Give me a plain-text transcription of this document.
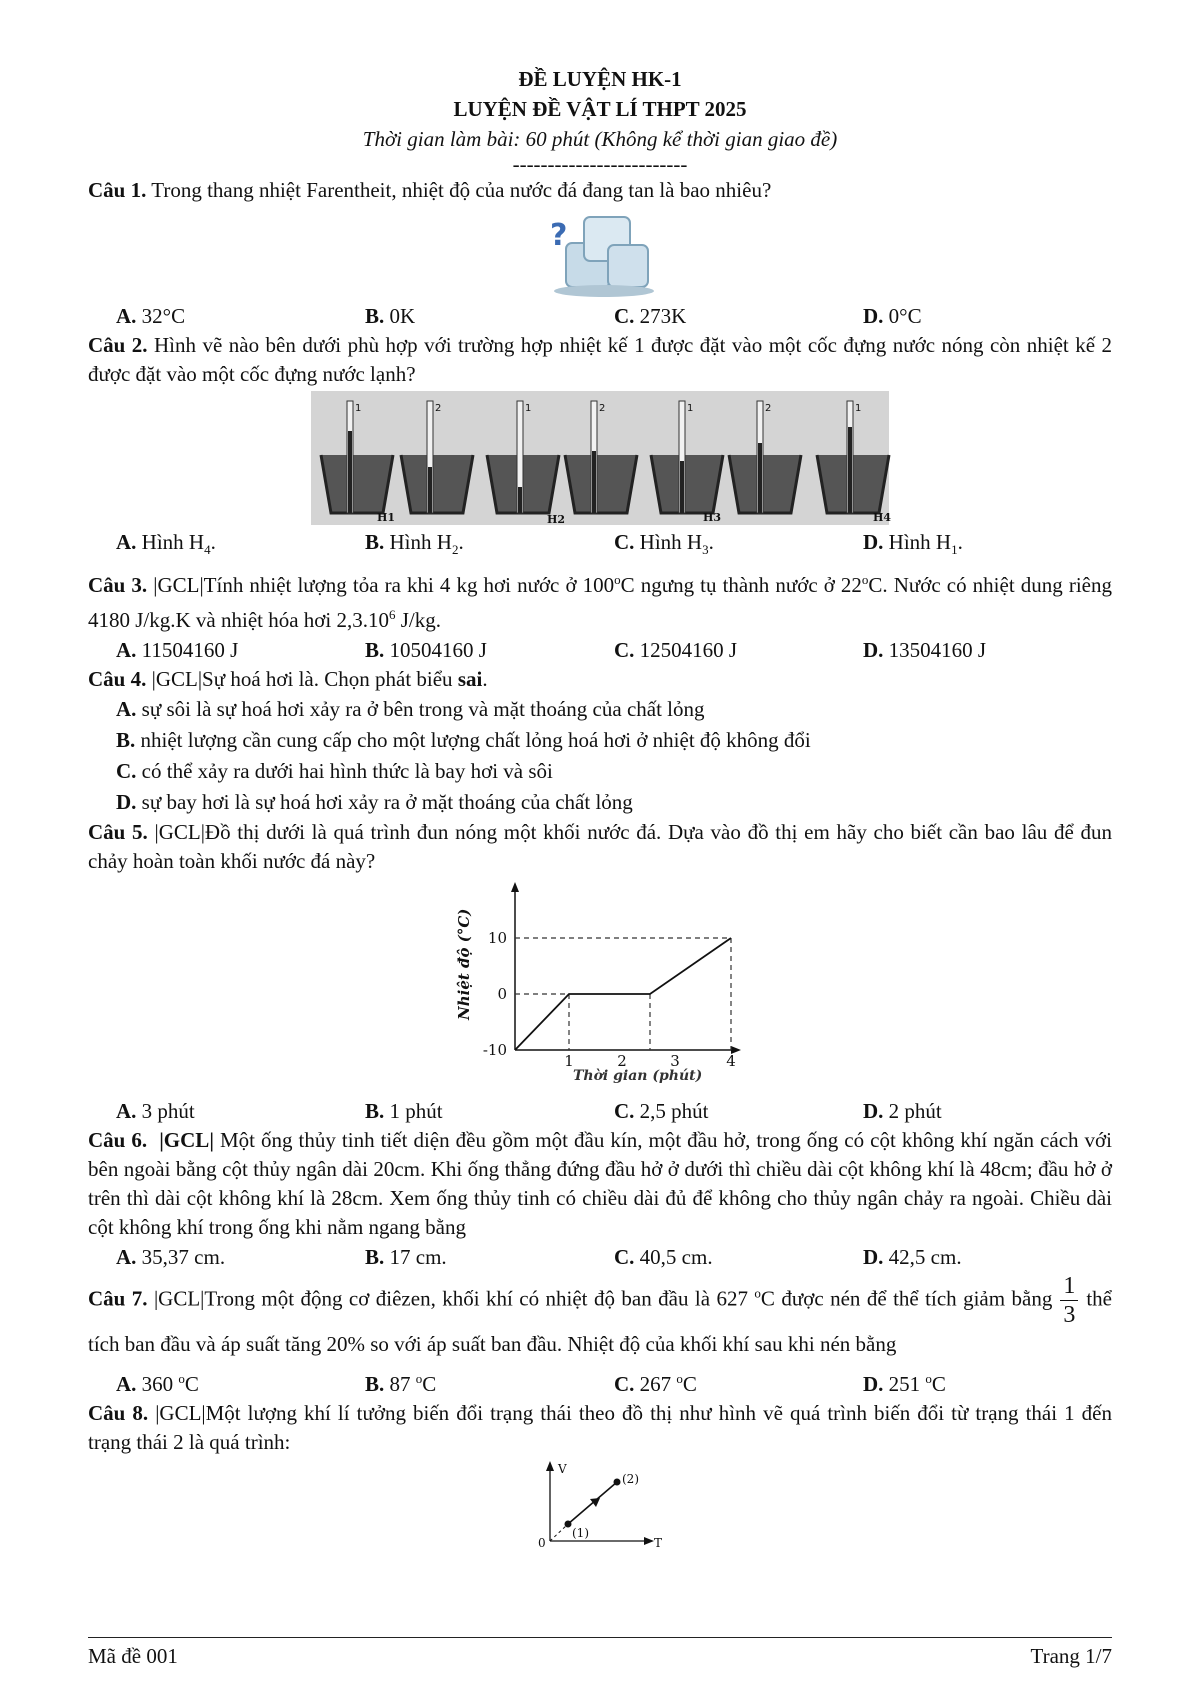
ĐỀ LUYỆN HK-1
LUYỆN ĐỀ VẬT LÍ THPT 2025
Thời gian làm bài: 60 phút (Không kể thời gian giao đề)
-------------------------
Câu 1. Trong thang nhiệt Farentheit, nhiệt độ của nước đá đang tan là bao nhiêu?
?
A. 32°C	B. 0K	C. 273K	D. 0°C
Câu 2. Hình vẽ nào bên dưới phù hợp với trường hợp nhiệt kế 1 được đặt vào một cốc đựng nước nóng còn nhiệt kế 2 được đặt vào một cốc đựng nước lạnh?
1	2	1	2	1	2	1
H1	H2	H3	H4
A. Hình $H_4$.	B. Hình $H_2$.	C. Hình $H_3$.	D. Hình $H_1$.
Câu 3. |GCL|Tính nhiệt lượng tỏa ra khi 4 kg hơi nước ở 100$^o$C ngưng tụ thành nước ở 22$^o$C. Nước có nhiệt dung riêng 4180 J/kg.K và nhiệt hóa hơi 2,3.10$^6$ J/kg.
A. 11504160 J	B. 10504160 J	C. 12504160 J	D. 13504160 J
Câu 4. |GCL|Sự hoá hơi là. Chọn phát biểu sai.
A. sự sôi là sự hoá hơi xảy ra ở bên trong và mặt thoáng của chất lỏng
B. nhiệt lượng cần cung cấp cho một lượng chất lỏng hoá hơi ở nhiệt độ không đổi
C. có thể xảy ra dưới hai hình thức là bay hơi và sôi
D. sự bay hơi là sự hoá hơi xảy ra ở mặt thoáng của chất lỏng
Câu 5. |GCL|Đồ thị dưới là quá trình đun nóng một khối nước đá. Dựa vào đồ thị em hãy cho biết cần bao lâu để đun chảy hoàn toàn khối nước đá này?
10
0
-10
1	2	3	4
Nhiệt độ (°C)
Thời gian (phút)
A. 3 phút	B. 1 phút	C. 2,5 phút	D. 2 phút
Câu 6. |GCL| Một ống thủy tinh tiết diện đều gồm một đầu kín, một đầu hở, trong ống có cột không khí ngăn cách với bên ngoài bằng cột thủy ngân dài 20cm. Khi ống thẳng đứng đầu hở ở dưới thì chiều dài cột không khí là 48cm; đầu hở ở trên thì dài cột không khí là 28cm. Xem ống thủy tinh có chiều dài đủ để không cho thủy ngân chảy ra ngoài. Chiều dài cột không khí trong ống khi nằm ngang bằng
A. 35,37 cm.	B. 17 cm.	C. 40,5 cm.	D. 42,5 cm.
Câu 7. |GCL|Trong một động cơ điêzen, khối khí có nhiệt độ ban đầu là 627 $^o$C được nén để thể tích giảm bằng $\frac{1}{3}$ thể tích ban đầu và áp suất tăng 20% so với áp suất ban đầu. Nhiệt độ của khối khí sau khi nén bằng
A. 360 $^o$C	B. 87 $^o$C	C. 267 $^o$C	D. 251 $^o$C
Câu 8. |GCL|Một lượng khí lí tưởng biến đổi trạng thái theo đồ thị như hình vẽ quá trình biến đổi từ trạng thái 1 đến trạng thái 2 là quá trình:
V
T
0
(1)
(2)
Mã đề 001	Trang 1/7
